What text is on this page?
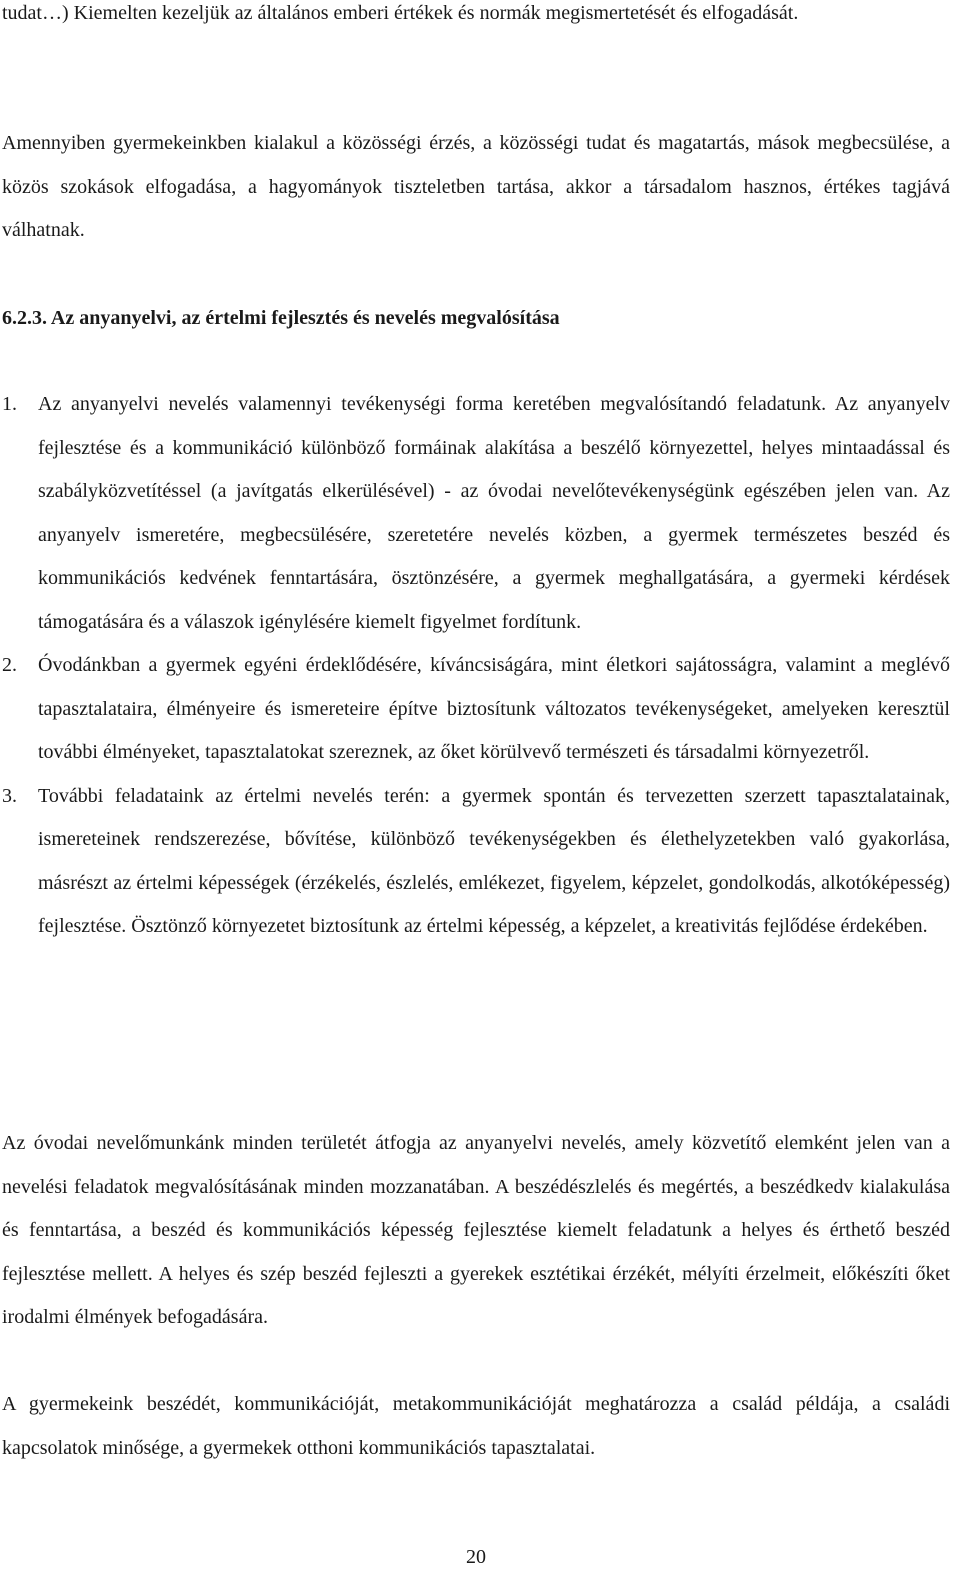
tudat…) Kiemelten kezeljük az általános emberi értékek és normák megismertetését és elfogadását.

Amennyiben gyermekeinkben kialakul a közösségi érzés, a közösségi tudat és magatartás, mások megbecsülése, a közös szokások elfogadása, a hagyományok tiszteletben tartása, akkor a társadalom hasznos, értékes tagjává válhatnak.

6.2.3. Az anyanyelvi, az értelmi fejlesztés és nevelés megvalósítása

1. Az anyanyelvi nevelés valamennyi tevékenységi forma keretében megvalósítandó feladatunk. Az anyanyelv fejlesztése és a kommunikáció különböző formáinak alakítása a beszélő környezettel, helyes mintaadással és szabályközvetítéssel (a javítgatás elkerülésével) - az óvodai nevelőtevékenységünk egészében jelen van. Az anyanyelv ismeretére, megbecsülésére, szeretetére nevelés közben, a gyermek természetes beszéd és kommunikációs kedvének fenntartására, ösztönzésére, a gyermek meghallgatására, a gyermeki kérdések támogatására és a válaszok igénylésére kiemelt figyelmet fordítunk.
2. Óvodánkban a gyermek egyéni érdeklődésére, kíváncsiságára, mint életkori sajátosságra, valamint a meglévő tapasztalataira, élményeire és ismereteire építve biztosítunk változatos tevékenységeket, amelyeken keresztül további élményeket, tapasztalatokat szereznek, az őket körülvevő természeti és társadalmi környezetről.
3. További feladataink az értelmi nevelés terén: a gyermek spontán és tervezetten szerzett tapasztalatainak, ismereteinek rendszerezése, bővítése, különböző tevékenységekben és élethelyzetekben való gyakorlása, másrészt az értelmi képességek (érzékelés, észlelés, emlékezet, figyelem, képzelet, gondolkodás, alkotóképesség) fejlesztése. Ösztönző környezetet biztosítunk az értelmi képesség, a képzelet, a kreativitás fejlődése érdekében.

Az óvodai nevelőmunkánk minden területét átfogja az anyanyelvi nevelés, amely közvetítő elemként jelen van a nevelési feladatok megvalósításának minden mozzanatában. A beszédészlelés és megértés, a beszédkedv kialakulása és fenntartása, a beszéd és kommunikációs képesség fejlesztése kiemelt feladatunk a helyes és érthető beszéd fejlesztése mellett. A helyes és szép beszéd fejleszti a gyerekek esztétikai érzékét, mélyíti érzelmeit, előkészíti őket irodalmi élmények befogadására.

A gyermekeink beszédét, kommunikációját, metakommunikációját meghatározza a család példája, a családi kapcsolatok minősége, a gyermekek otthoni kommunikációs tapasztalatai.

20
